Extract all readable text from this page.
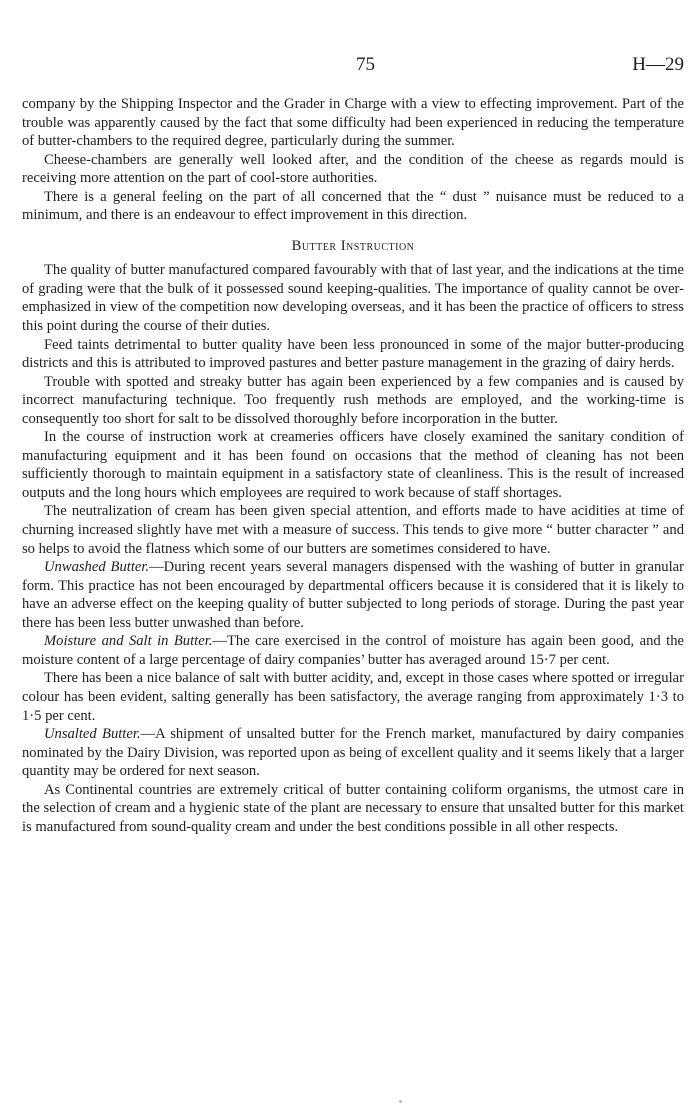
75	H—29

company by the Shipping Inspector and the Grader in Charge with a view to effecting improvement. Part of the trouble was apparently caused by the fact that some difficulty had been experienced in reducing the temperature of butter-chambers to the required degree, particularly during the summer.

Cheese-chambers are generally well looked after, and the condition of the cheese as regards mould is receiving more attention on the part of cool-store authorities.

There is a general feeling on the part of all concerned that the “ dust ” nuisance must be reduced to a minimum, and there is an endeavour to effect improvement in this direction.

Butter Instruction

The quality of butter manufactured compared favourably with that of last year, and the indications at the time of grading were that the bulk of it possessed sound keeping-qualities. The importance of quality cannot be over-emphasized in view of the competition now developing overseas, and it has been the practice of officers to stress this point during the course of their duties.

Feed taints detrimental to butter quality have been less pronounced in some of the major butter-producing districts and this is attributed to improved pastures and better pasture management in the grazing of dairy herds.

Trouble with spotted and streaky butter has again been experienced by a few companies and is caused by incorrect manufacturing technique. Too frequently rush methods are employed, and the working-time is consequently too short for salt to be dissolved thoroughly before incorporation in the butter.

In the course of instruction work at creameries officers have closely examined the sanitary condition of manufacturing equipment and it has been found on occasions that the method of cleaning has not been sufficiently thorough to maintain equipment in a satisfactory state of cleanliness. This is the result of increased outputs and the long hours which employees are required to work because of staff shortages.

The neutralization of cream has been given special attention, and efforts made to have acidities at time of churning increased slightly have met with a measure of success. This tends to give more “ butter character ” and so helps to avoid the flatness which some of our butters are sometimes considered to have.

Unwashed Butter.—During recent years several managers dispensed with the washing of butter in granular form. This practice has not been encouraged by departmental officers because it is considered that it is likely to have an adverse effect on the keeping quality of butter subjected to long periods of storage. During the past year there has been less butter unwashed than before.

Moisture and Salt in Butter.—The care exercised in the control of moisture has again been good, and the moisture content of a large percentage of dairy companies’ butter has averaged around 15·7 per cent.

There has been a nice balance of salt with butter acidity, and, except in those cases where spotted or irregular colour has been evident, salting generally has been satisfactory, the average ranging from approximately 1·3 to 1·5 per cent.

Unsalted Butter.—A shipment of unsalted butter for the French market, manufactured by dairy companies nominated by the Dairy Division, was reported upon as being of excellent quality and it seems likely that a larger quantity may be ordered for next season.

As Continental countries are extremely critical of butter containing coliform organisms, the utmost care in the selection of cream and a hygienic state of the plant are necessary to ensure that unsalted butter for this market is manufactured from sound-quality cream and under the best conditions possible in all other respects.
